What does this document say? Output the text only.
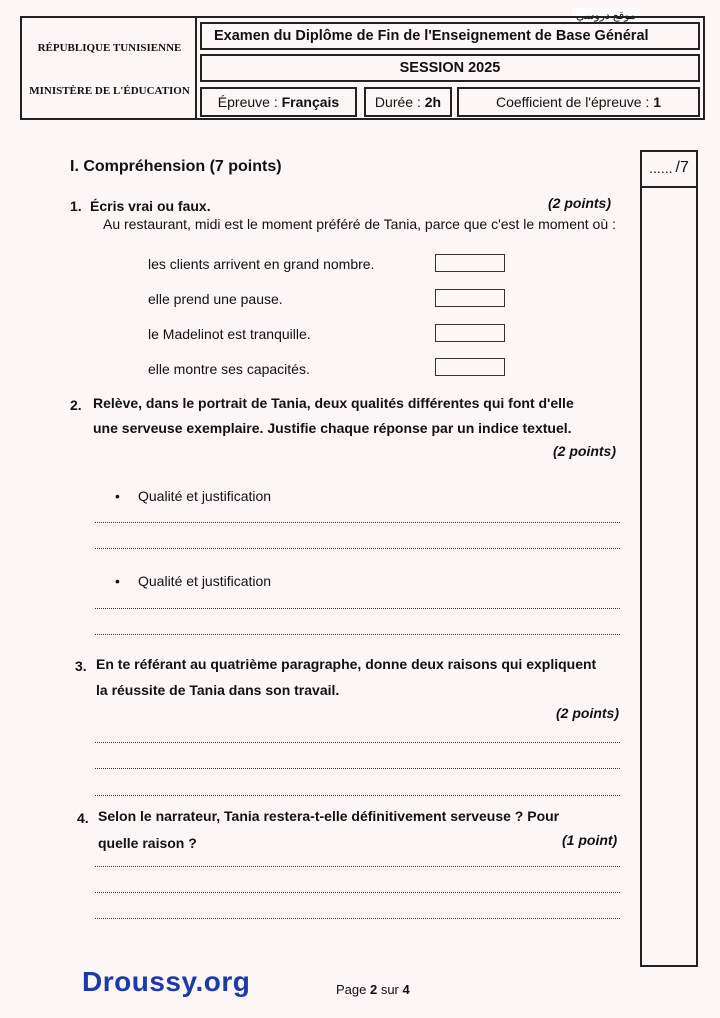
موقع دروسي
RÉPUBLIQUE TUNISIENNE
MINISTÈRE DE L'ÉDUCATION
Examen du Diplôme de Fin de l'Enseignement de Base Général
SESSION 2025
Épreuve :
Français	Durée :
2h	Coefficient de l'épreuve :
1
...... /7
I. Compréhension (7 points)
1. Écris vrai ou faux.	(2 points)
Au restaurant, midi est le moment préféré de Tania, parce que c'est le moment où :
les clients arrivent en grand nombre.
elle prend une pause.
le Madelinot est tranquille.
elle montre ses capacités.
2. Relève, dans le portrait de Tania, deux qualités différentes qui font d'elle
une serveuse exemplaire. Justifie chaque réponse par un indice textuel.
(2 points)
• Qualité et justification
• Qualité et justification
3. En te référant au quatrième paragraphe, donne deux raisons qui expliquent
la réussite de Tania dans son travail.
(2 points)
4. Selon le narrateur, Tania restera-t-elle définitivement serveuse ? Pour
quelle raison ?	(1 point)
Droussy.org	Page 2 sur 4
